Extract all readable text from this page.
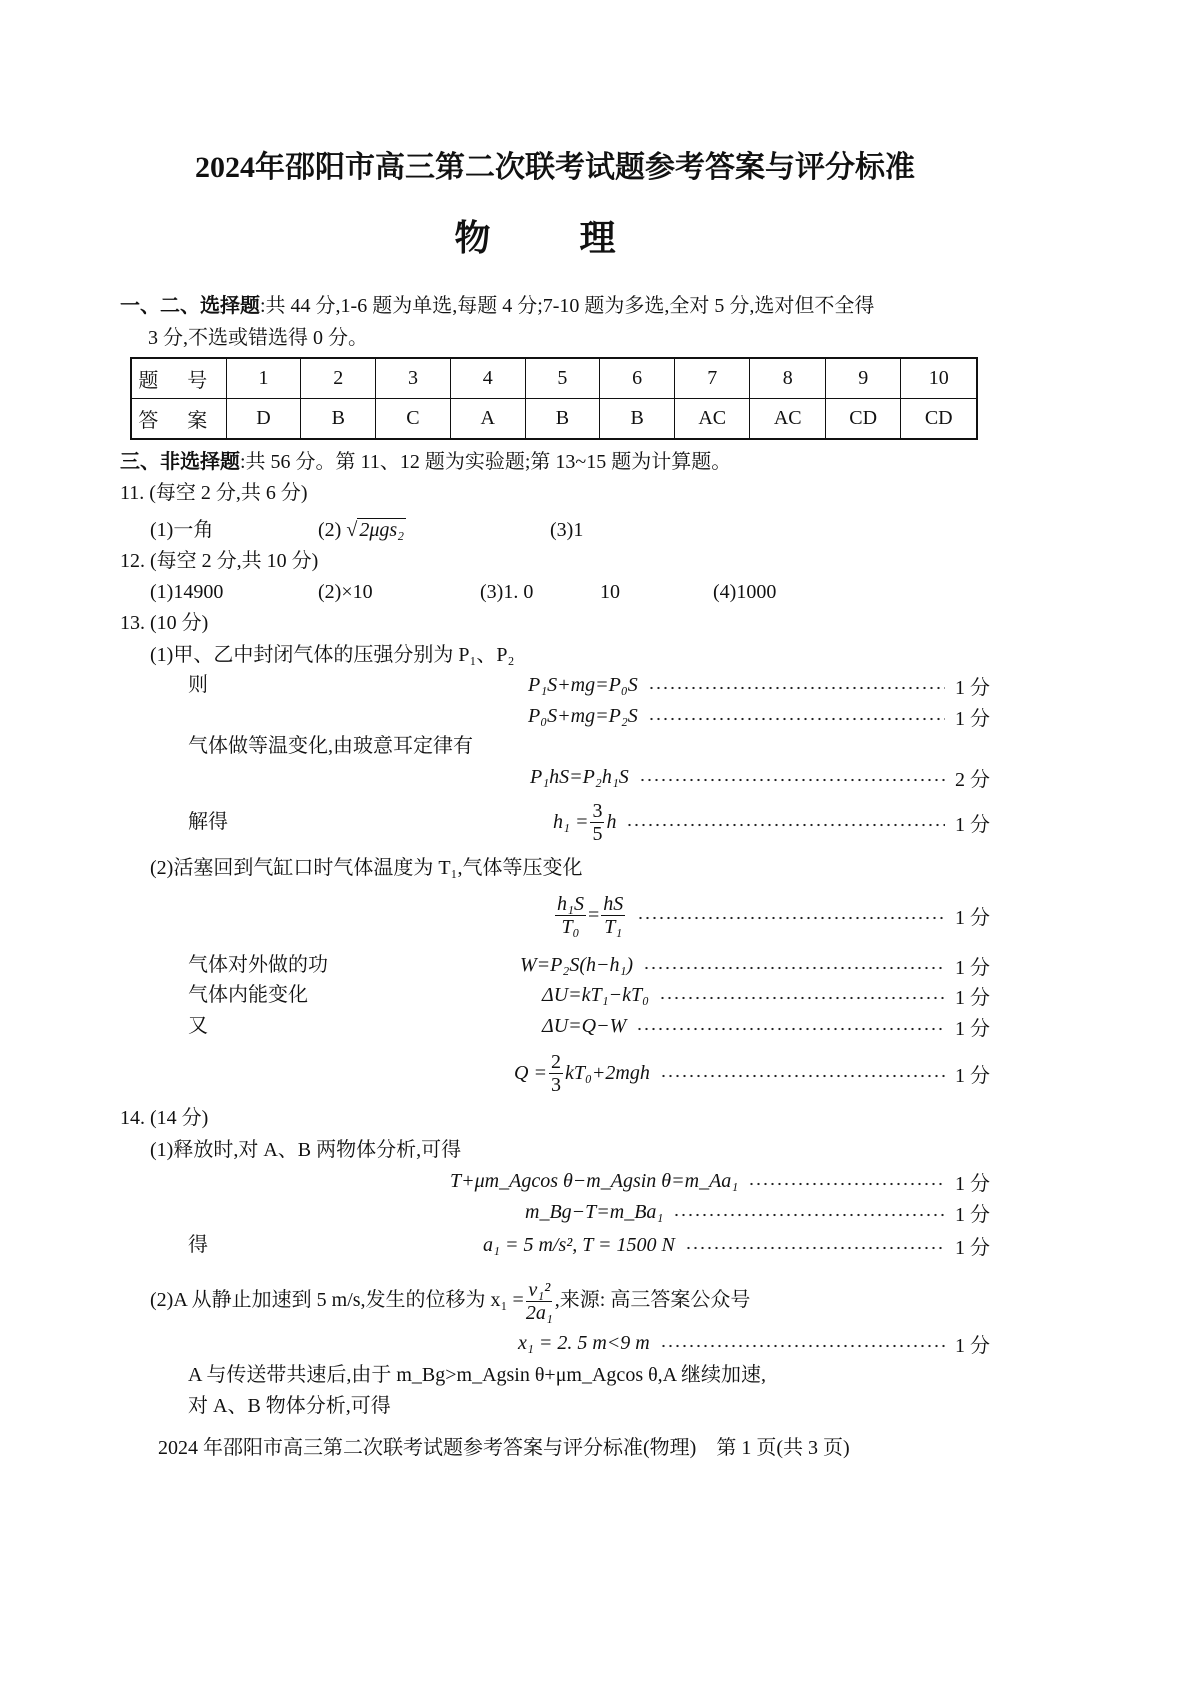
2024年邵阳市高三第二次联考试题参考答案与评分标准
物 理
一、二、选择题:共 44 分,1-6 题为单选,每题 4 分;7-10 题为多选,全对 5 分,选对但不全得
3 分,不选或错选得 0 分。
题 号	1	2	3	4	5	6	7	8	9	10
答 案	D	B	C	A	B	B	AC	AC	CD	CD
三、非选择题:共 56 分。第 11、12 题为实验题;第 13~15 题为计算题。
11. (每空 2 分,共 6 分)
(1)一角	(2) √ 2μgs₂	(3)1
12. (每空 2 分,共 10 分)
(1)14900	(2)×10	(3)1. 0	10	(4)1000
13. (10 分)
(1)甲、乙中封闭气体的压强分别为 P₁、P₂
则	P₁S+mg=P₀S	1 分
P₀S+mg=P₂S	1 分
气体做等温变化,由玻意耳定律有
P₁hS=P₂h₁S	2 分
解得	$h_1 = \frac{3}{5}$ h	1 分
(2)活塞回到气缸口时气体温度为 T₁,气体等压变化
$\frac{\text{h₁S}}{\text{T₀}} = \frac{hS}{\text{T₁}}$	1 分
气体对外做的功	W=P₂S(h−h₁)	1 分
气体内能变化	ΔU=kT₁−kT₀	1 分
又	ΔU=Q−W	1 分
$Q = \frac{2}{3} kT_0+2mgh$	1 分
14. (14 分)
(1)释放时,对 A、B 两物体分析,可得
T+μm_Agcos θ−m_Agsin θ=m_Aa₁	1 分
m_Bg−T=m_Ba₁	1 分
得	a₁ = 5 m/s², T = 1500 N	1 分
(2)A 从静止加速到 5 m/s,发生的位移为 $x_1 = \frac{\text{v₁²}}{\text{2a₁}}$ ,来源: 高三答案公众号
x₁ = 2. 5 m<9 m	1 分
A 与传送带共速后,由于 m_Bg>m_Agsin θ+μm_Agcos θ,A 继续加速,
对 A、B 物体分析,可得
2024 年邵阳市高三第二次联考试题参考答案与评分标准(物理)　第 1 页(共 3 页)
